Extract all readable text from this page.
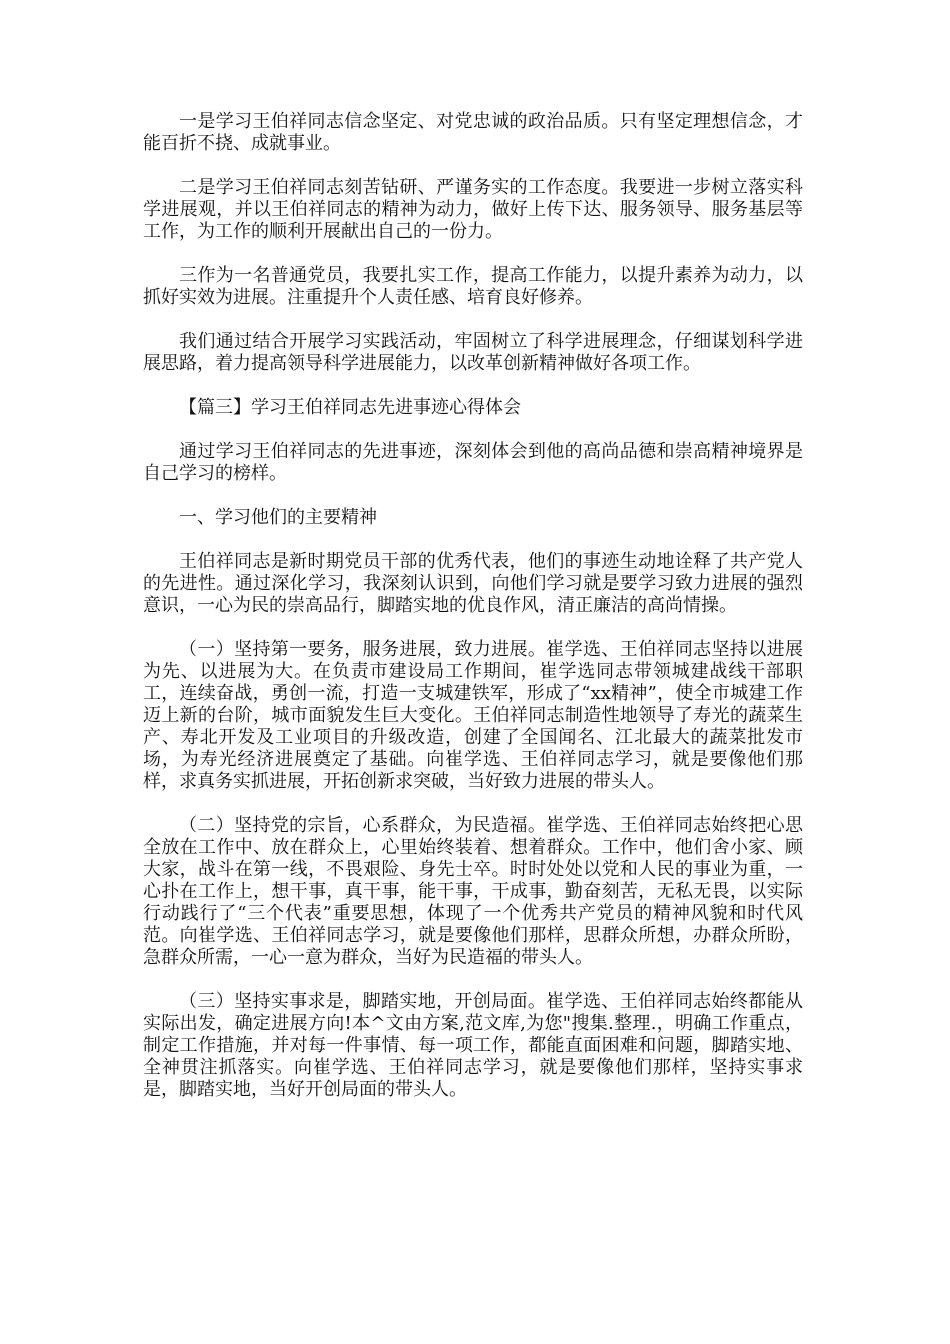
一是学习王伯祥同志信念坚定、对党忠诚的政治品质。只有坚定理想信念，才能百折不挠、成就事业。

二是学习王伯祥同志刻苦钻研、严谨务实的工作态度。我要进一步树立落实科学进展观，并以王伯祥同志的精神为动力，做好上传下达、服务领导、服务基层等工作，为工作的顺利开展献出自己的一份力。

三作为一名普通党员，我要扎实工作，提高工作能力，以提升素养为动力，以抓好实效为进展。注重提升个人责任感、培育良好修养。

我们通过结合开展学习实践活动，牢固树立了科学进展理念，仔细谋划科学进展思路，着力提高领导科学进展能力，以改革创新精神做好各项工作。

【篇三】学习王伯祥同志先进事迹心得体会

通过学习王伯祥同志的先进事迹，深刻体会到他的高尚品德和崇高精神境界是自己学习的榜样。

一、学习他们的主要精神

王伯祥同志是新时期党员干部的优秀代表，他们的事迹生动地诠释了共产党人的先进性。通过深化学习，我深刻认识到，向他们学习就是要学习致力进展的强烈意识，一心为民的崇高品行，脚踏实地的优良作风，清正廉洁的高尚情操。

（一）坚持第一要务，服务进展，致力进展。崔学选、王伯祥同志坚持以进展为先、以进展为大。在负责市建设局工作期间，崔学选同志带领城建战线干部职工，连续奋战，勇创一流，打造一支城建铁军，形成了“xx精神”，使全市城建工作迈上新的台阶，城市面貌发生巨大变化。王伯祥同志制造性地领导了寿光的蔬菜生产、寿北开发及工业项目的升级改造，创建了全国闻名、江北最大的蔬菜批发市场，为寿光经济进展奠定了基础。向崔学选、王伯祥同志学习，就是要像他们那样，求真务实抓进展，开拓创新求突破，当好致力进展的带头人。

（二）坚持党的宗旨，心系群众，为民造福。崔学选、王伯祥同志始终把心思全放在工作中、放在群众上，心里始终装着、想着群众。工作中，他们舍小家、顾大家，战斗在第一线，不畏艰险、身先士卒。时时处处以党和人民的事业为重，一心扑在工作上，想干事，真干事，能干事，干成事，勤奋刻苦，无私无畏，以实际行动践行了“三个代表”重要思想，体现了一个优秀共产党员的精神风貌和时代风范。向崔学选、王伯祥同志学习，就是要像他们那样，思群众所想，办群众所盼，急群众所需，一心一意为群众，当好为民造福的带头人。

（三）坚持实事求是，脚踏实地，开创局面。崔学选、王伯祥同志始终都能从实际出发，确定进展方向!本^文由方案,范文库,为您"搜集.整理.，明确工作重点，制定工作措施，并对每一件事情、每一项工作，都能直面困难和问题，脚踏实地、全神贯注抓落实。向崔学选、王伯祥同志学习，就是要像他们那样，坚持实事求是，脚踏实地，当好开创局面的带头人。
